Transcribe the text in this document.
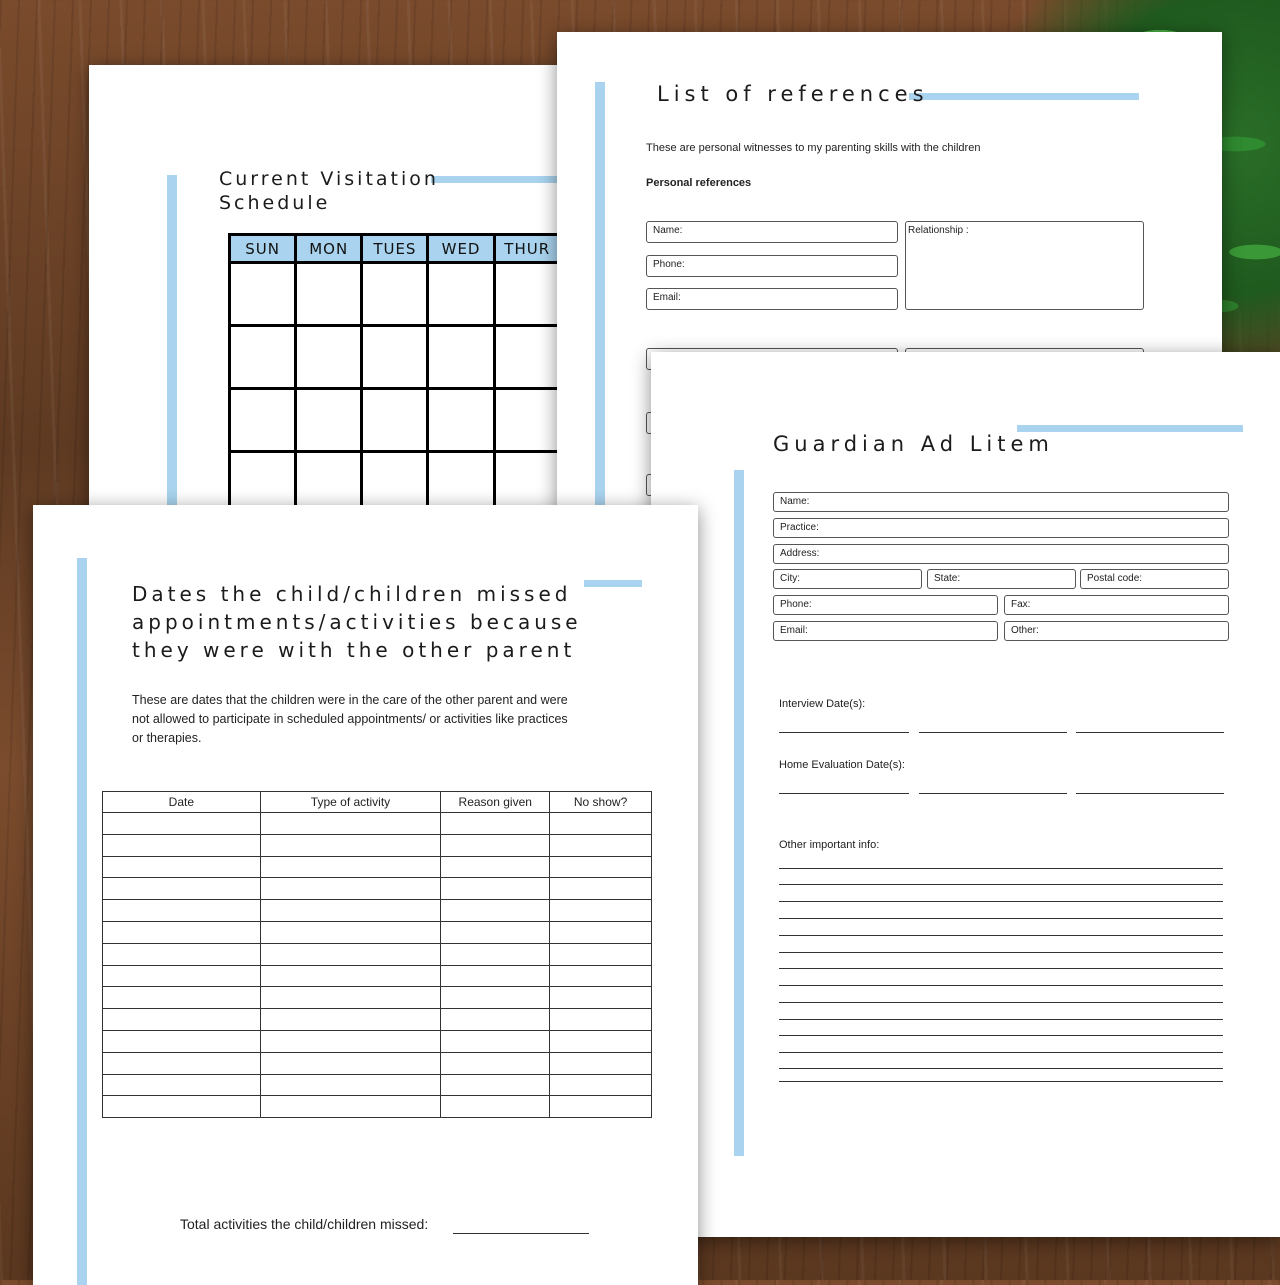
Current Visitation
Schedule
SUN	MON	TUES	WED	THUR	

List of references
These are personal witnesses to my parenting skills with the children
Personal references
Name:
Phone:
Email:
Relationship :
Guardian Ad Litem
Name:
Practice:
Address:
City:	State:	Postal code:
Phone:	Fax:
Email:	Other:
Interview Date(s):
Home Evaluation Date(s):
Other important info:
Dates the child/children missed
appointments/activities because
they were with the other parent
These are dates that the children were in the care of the other parent and were
not allowed to participate in scheduled appointments/ or activities like practices
or therapies.
Date	Type of activity	Reason given	No show?

Total activities the child/children missed:
